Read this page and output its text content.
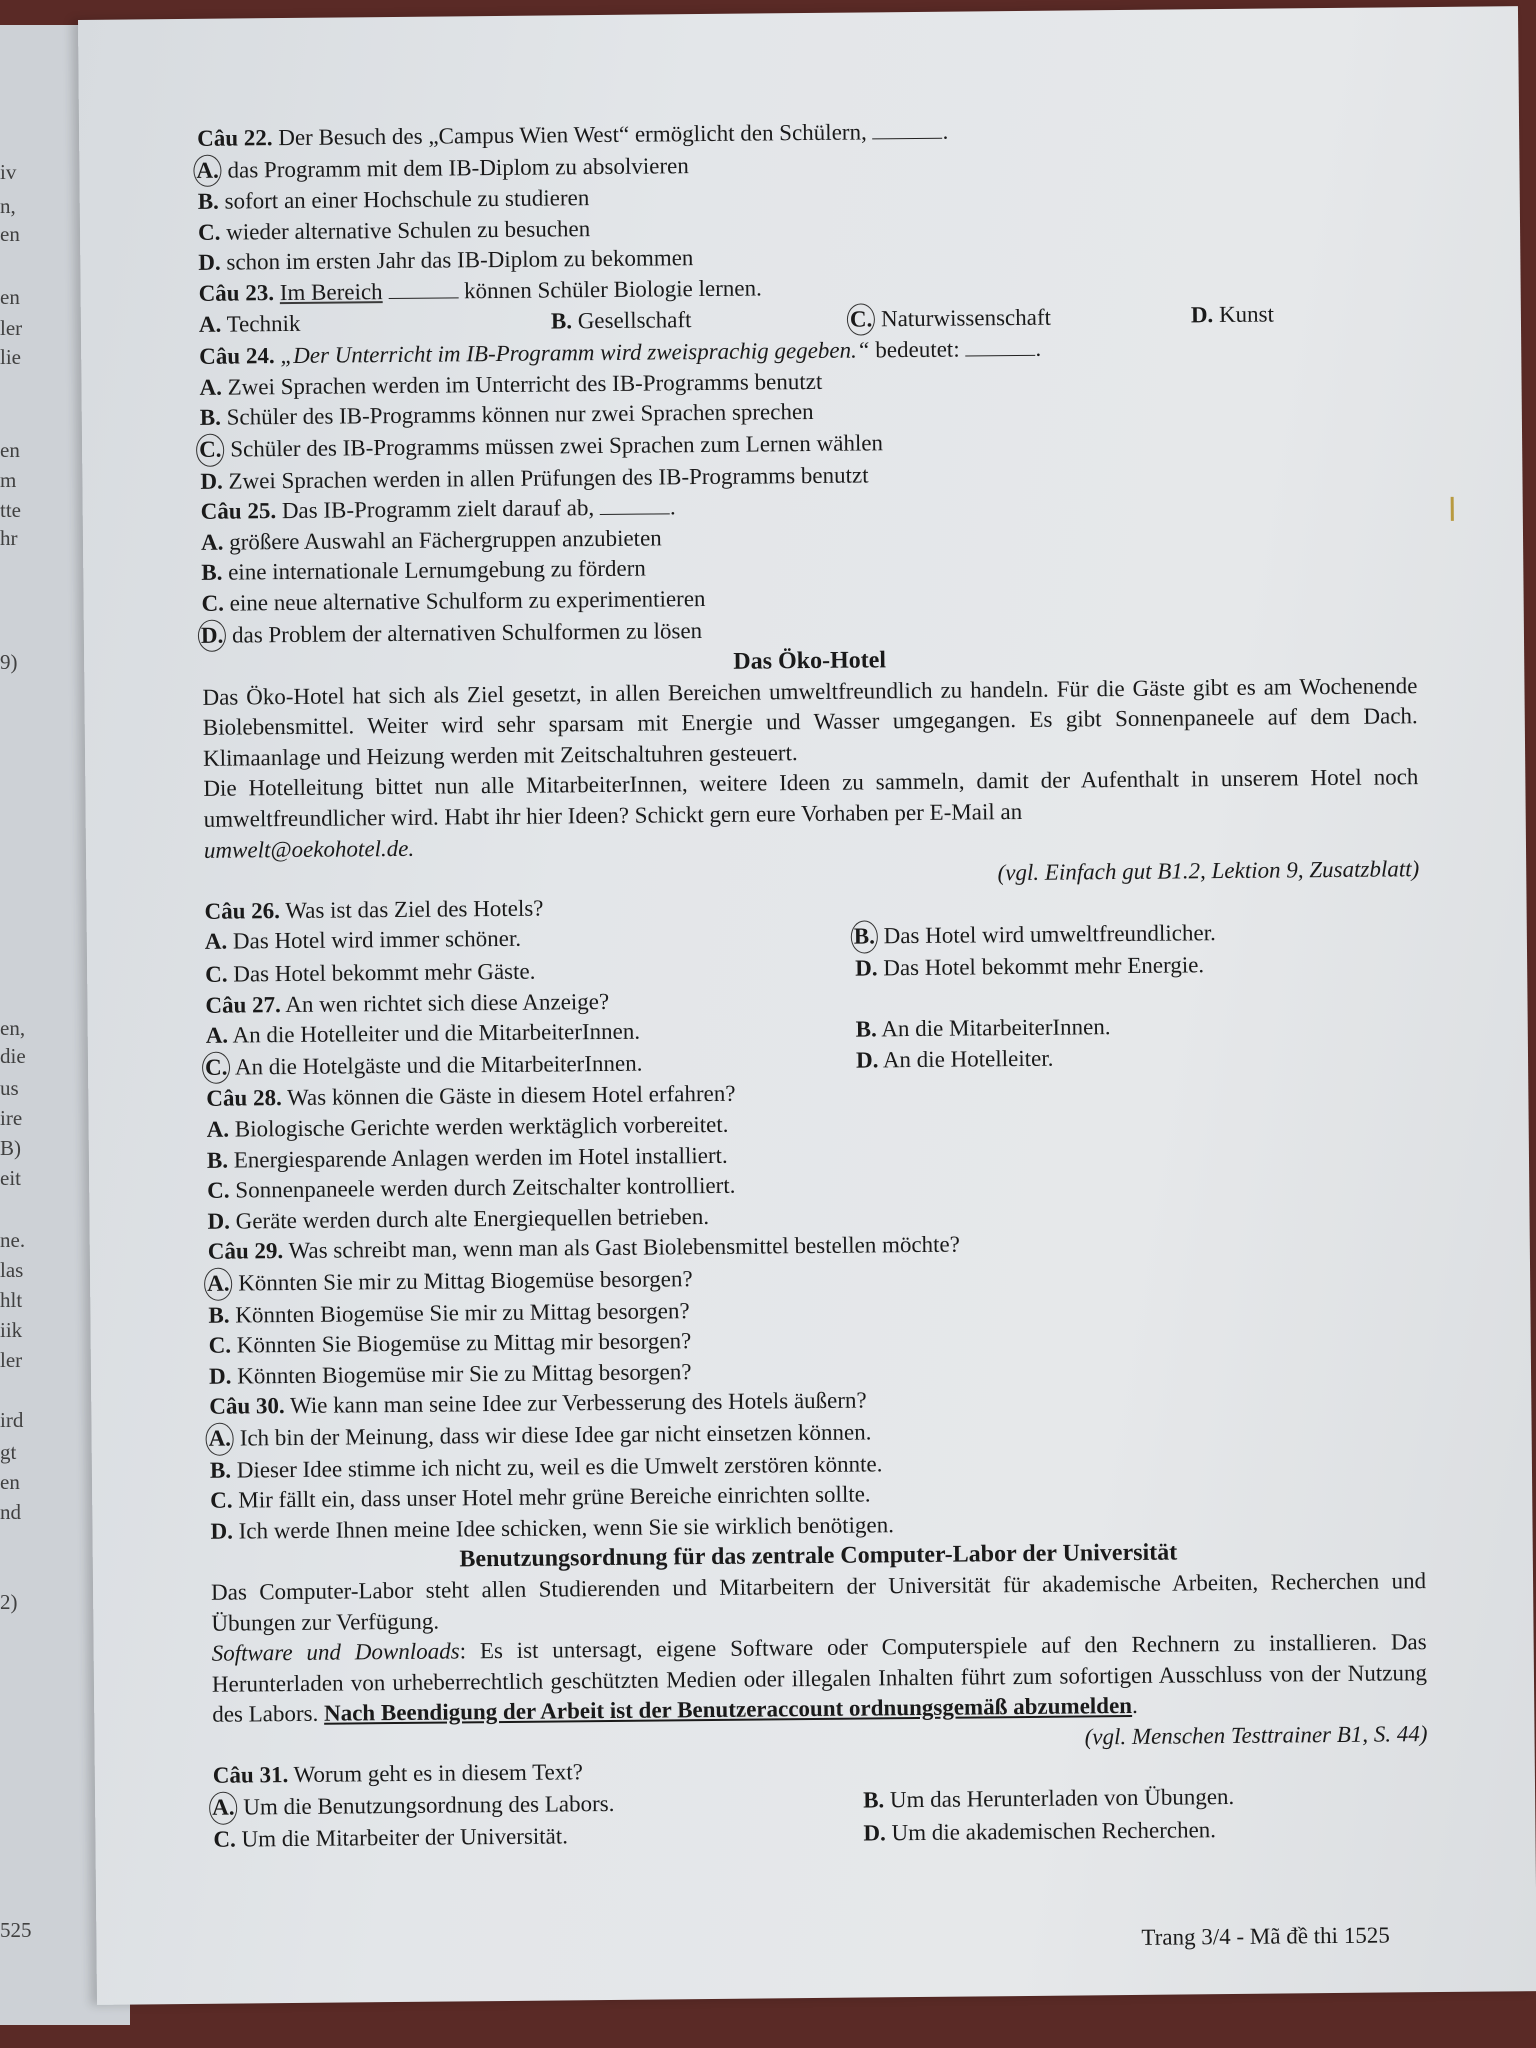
iv
n,
en
en
ler
lie
en
m
tte
hr
9)
en,
die
us
ire
B)
eit
ne.
las
hlt
iik
ler
ird
gt
en
nd
2)
525
Câu 22. Der Besuch des „Campus Wien West“ ermöglicht den Schülern,	.
A. das Programm mit dem IB-Diplom zu absolvieren
B. sofort an einer Hochschule zu studieren
C. wieder alternative Schulen zu besuchen
D. schon im ersten Jahr das IB-Diplom zu bekommen
Câu 23. Im Bereich	können Schüler Biologie lernen.
A. Technik	B. Gesellschaft	C. Naturwissenschaft	D. Kunst
Câu 24. „Der Unterricht im IB-Programm wird zweisprachig gegeben.“ bedeutet:	.
A. Zwei Sprachen werden im Unterricht des IB-Programms benutzt
B. Schüler des IB-Programms können nur zwei Sprachen sprechen
C. Schüler des IB-Programms müssen zwei Sprachen zum Lernen wählen
D. Zwei Sprachen werden in allen Prüfungen des IB-Programms benutzt
Câu 25. Das IB-Programm zielt darauf ab,	.
A. größere Auswahl an Fächergruppen anzubieten
B. eine internationale Lernumgebung zu fördern
C. eine neue alternative Schulform zu experimentieren
D. das Problem der alternativen Schulformen zu lösen
Das Öko-Hotel
Das Öko-Hotel hat sich als Ziel gesetzt, in allen Bereichen umweltfreundlich zu handeln. Für die Gäste gibt es am Wochenende Biolebensmittel. Weiter wird sehr sparsam mit Energie und Wasser umgegangen. Es gibt Sonnenpaneele auf dem Dach. Klimaanlage und Heizung werden mit Zeitschaltuhren gesteuert.
Die Hotelleitung bittet nun alle MitarbeiterInnen, weitere Ideen zu sammeln, damit der Aufenthalt in unserem Hotel noch umweltfreundlicher wird. Habt ihr hier Ideen? Schickt gern eure Vorhaben per E-Mail an
umwelt@oekohotel.de.
(vgl. Einfach gut B1.2, Lektion 9, Zusatzblatt)
Câu 26. Was ist das Ziel des Hotels?
A. Das Hotel wird immer schöner.	B. Das Hotel wird umweltfreundlicher.
C. Das Hotel bekommt mehr Gäste.	D. Das Hotel bekommt mehr Energie.
Câu 27. An wen richtet sich diese Anzeige?
A. An die Hotelleiter und die MitarbeiterInnen.	B. An die MitarbeiterInnen.
C. An die Hotelgäste und die MitarbeiterInnen.	D. An die Hotelleiter.
Câu 28. Was können die Gäste in diesem Hotel erfahren?
A. Biologische Gerichte werden werktäglich vorbereitet.
B. Energiesparende Anlagen werden im Hotel installiert.
C. Sonnenpaneele werden durch Zeitschalter kontrolliert.
D. Geräte werden durch alte Energiequellen betrieben.
Câu 29. Was schreibt man, wenn man als Gast Biolebensmittel bestellen möchte?
A. Könnten Sie mir zu Mittag Biogemüse besorgen?
B. Könnten Biogemüse Sie mir zu Mittag besorgen?
C. Könnten Sie Biogemüse zu Mittag mir besorgen?
D. Könnten Biogemüse mir Sie zu Mittag besorgen?
Câu 30. Wie kann man seine Idee zur Verbesserung des Hotels äußern?
A. Ich bin der Meinung, dass wir diese Idee gar nicht einsetzen können.
B. Dieser Idee stimme ich nicht zu, weil es die Umwelt zerstören könnte.
C. Mir fällt ein, dass unser Hotel mehr grüne Bereiche einrichten sollte.
D. Ich werde Ihnen meine Idee schicken, wenn Sie sie wirklich benötigen.
Benutzungsordnung für das zentrale Computer-Labor der Universität
Das Computer-Labor steht allen Studierenden und Mitarbeitern der Universität für akademische Arbeiten, Recherchen und Übungen zur Verfügung.
Software und Downloads: Es ist untersagt, eigene Software oder Computerspiele auf den Rechnern zu installieren. Das Herunterladen von urheberrechtlich geschützten Medien oder illegalen Inhalten führt zum sofortigen Ausschluss von der Nutzung des Labors. Nach Beendigung der Arbeit ist der Benutzeraccount ordnungsgemäß abzumelden.
(vgl. Menschen Testtrainer B1, S. 44)
Câu 31. Worum geht es in diesem Text?
A. Um die Benutzungsordnung des Labors.	B. Um das Herunterladen von Übungen.
C. Um die Mitarbeiter der Universität.	D. Um die akademischen Recherchen.
Trang 3/4 - Mã đề thi 1525
